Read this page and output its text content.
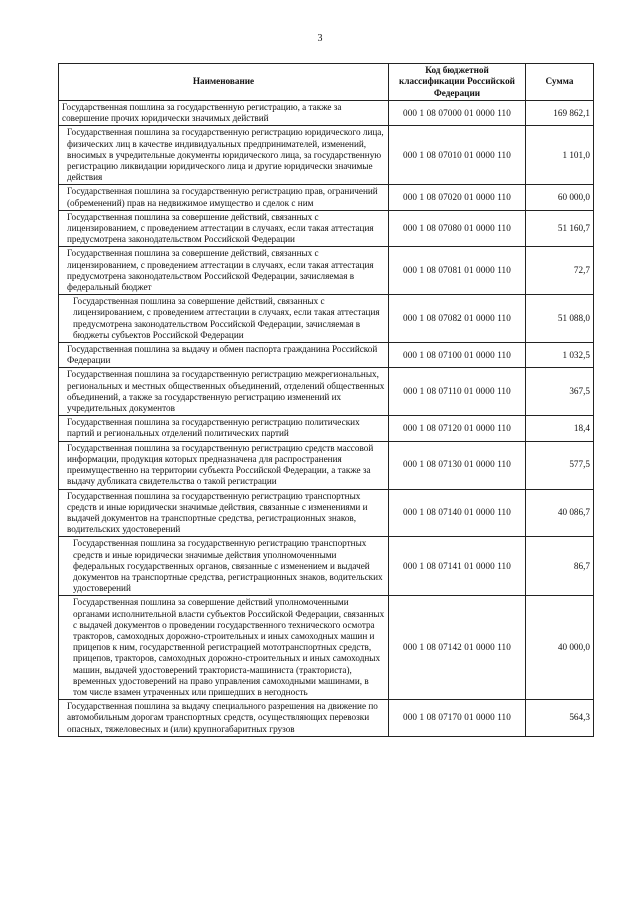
3
Наименование	Код бюджетной классификации Российской Федерации	Сумма
Государственная пошлина за государственную регистрацию, а также за совершение прочих юридически значимых действий	000 1 08 07000 01 0000 110	169 862,1
Государственная пошлина за государственную регистрацию юридического лица, физических лиц в качестве индивидуальных предпринимателей, изменений, вносимых в учредительные документы юридического лица, за государственную регистрацию ликвидации юридического лица и другие юридически значимые действия	000 1 08 07010 01 0000 110	1 101,0
Государственная пошлина за государственную регистрацию прав, ограничений (обременений) прав на недвижимое имущество и сделок с ним	000 1 08 07020 01 0000 110	60 000,0
Государственная пошлина за совершение действий, связанных с лицензированием, с проведением аттестации в случаях, если такая аттестация предусмотрена законодательством Российской Федерации	000 1 08 07080 01 0000 110	51 160,7
Государственная пошлина за совершение действий, связанных с лицензированием, с проведением аттестации в случаях, если такая аттестация предусмотрена законодательством Российской Федерации, зачисляемая в федеральный бюджет	000 1 08 07081 01 0000 110	72,7
Государственная пошлина за совершение действий, связанных с лицензированием, с проведением аттестации в случаях, если такая аттестация предусмотрена законодательством Российской Федерации, зачисляемая в бюджеты субъектов Российской Федерации	000 1 08 07082 01 0000 110	51 088,0
Государственная пошлина за выдачу и обмен паспорта гражданина Российской Федерации	000 1 08 07100 01 0000 110	1 032,5
Государственная пошлина за государственную регистрацию межрегиональных, региональных и местных общественных объединений, отделений общественных объединений, а также за государственную регистрацию изменений их учредительных документов	000 1 08 07110 01 0000 110	367,5
Государственная пошлина за государственную регистрацию политических партий и региональных отделений политических партий	000 1 08 07120 01 0000 110	18,4
Государственная пошлина за государственную регистрацию средств массовой информации, продукция которых предназначена для распространения преимущественно на территории субъекта Российской Федерации, а также за выдачу дубликата свидетельства о такой регистрации	000 1 08 07130 01 0000 110	577,5
Государственная пошлина за государственную регистрацию транспортных средств и иные юридически значимые действия, связанные с изменениями и выдачей документов на транспортные средства, регистрационных знаков, водительских удостоверений	000 1 08 07140 01 0000 110	40 086,7
Государственная пошлина за государственную регистрацию транспортных средств и иные юридически значимые действия уполномоченными федеральных государственных органов, связанные с изменением и выдачей документов на транспортные средства, регистрационных знаков, водительских удостоверений	000 1 08 07141 01 0000 110	86,7
Государственная пошлина за совершение действий уполномоченными органами исполнительной власти субъектов Российской Федерации, связанных с выдачей документов о проведении государственного технического осмотра тракторов, самоходных дорожно-строительных и иных самоходных машин и прицепов к ним, государственной регистрацией мототранспортных средств, прицепов, тракторов, самоходных дорожно-строительных и иных самоходных машин, выдачей удостоверений тракториста-машиниста (тракториста), временных удостоверений на право управления самоходными машинами, в том числе взамен утраченных или пришедших в негодность	000 1 08 07142 01 0000 110	40 000,0
Государственная пошлина за выдачу специального разрешения на движение по автомобильным дорогам транспортных средств, осуществляющих перевозки опасных, тяжеловесных и (или) крупногабаритных грузов	000 1 08 07170 01 0000 110	564,3
